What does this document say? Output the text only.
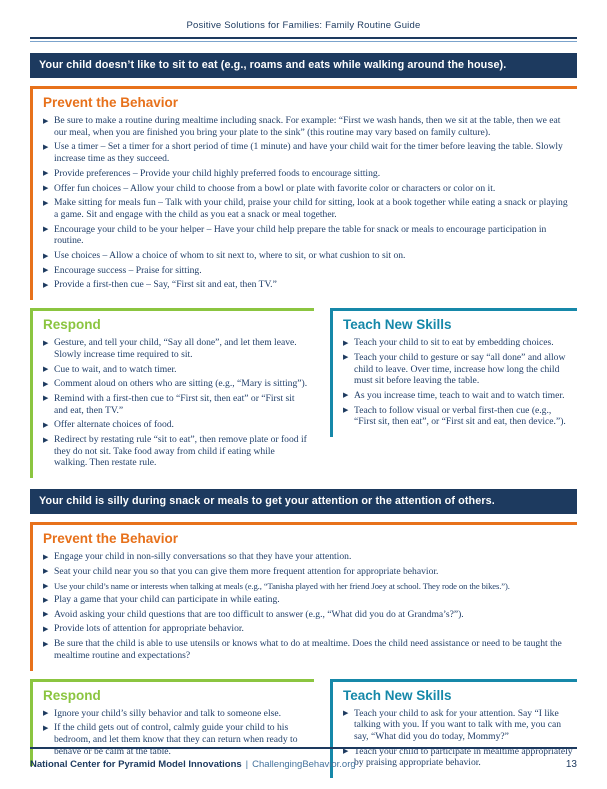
Positive Solutions for Families: Family Routine Guide
Your child doesn’t like to sit to eat (e.g., roams and eats while walking around the house).
Prevent the Behavior
▶ Be sure to make a routine during mealtime including snack. For example: “First we wash hands, then we sit at the table, then we eat our meal, when you are finished you bring your plate to the sink” (this routine may vary based on family culture).
▶ Use a timer – Set a timer for a short period of time (1 minute) and have your child wait for the timer before leaving the table. Slowly increase time as they succeed.
▶ Provide preferences – Provide your child highly preferred foods to encourage sitting.
▶ Offer fun choices – Allow your child to choose from a bowl or plate with favorite color or characters or color on it.
▶ Make sitting for meals fun – Talk with your child, praise your child for sitting, look at a book together while eating a snack or playing a game. Sit and engage with the child as you eat a snack or meal together.
▶ Encourage your child to be your helper – Have your child help prepare the table for snack or meals to encourage participation in routine.
▶ Use choices – Allow a choice of whom to sit next to, where to sit, or what cushion to sit on.
▶ Encourage success – Praise for sitting.
▶ Provide a first-then cue – Say, “First sit and eat, then TV.”
Respond
▶ Gesture, and tell your child, “Say all done”, and let them leave. Slowly increase time required to sit.
▶ Cue to wait, and to watch timer.
▶ Comment aloud on others who are sitting (e.g., “Mary is sitting”).
▶ Remind with a first-then cue to “First sit, then eat” or “First sit and eat, then TV.”
▶ Offer alternate choices of food.
▶ Redirect by restating rule “sit to eat”, then remove plate or food if they do not sit. Take food away from child if eating while walking. Then restate rule.
Teach New Skills
▶ Teach your child to sit to eat by embedding choices.
▶ Teach your child to gesture or say “all done” and allow child to leave. Over time, increase how long the child must sit before leaving the table.
▶ As you increase time, teach to wait and to watch timer.
▶ Teach to follow visual or verbal first-then cue (e.g., “First sit, then eat”, or “First sit and eat, then device.”).
Your child is silly during snack or meals to get your attention or the attention of others.
Prevent the Behavior
▶ Engage your child in non-silly conversations so that they have your attention.
▶ Seat your child near you so that you can give them more frequent attention for appropriate behavior.
▶ Use your child’s name or interests when talking at meals (e.g., “Tanisha played with her friend Joey at school. They rode on the bikes.”).
▶ Play a game that your child can participate in while eating.
▶ Avoid asking your child questions that are too difficult to answer (e.g., “What did you do at Grandma’s?”).
▶ Provide lots of attention for appropriate behavior.
▶ Be sure that the child is able to use utensils or knows what to do at mealtime. Does the child need assistance or need to be taught the mealtime routine and expectations?
Respond
▶ Ignore your child’s silly behavior and talk to someone else.
▶ If the child gets out of control, calmly guide your child to his bedroom, and let them know that they can return when ready to behave or be calm at the table.
Teach New Skills
▶ Teach your child to ask for your attention. Say “I like talking with you. If you want to talk with me, you can say, “What did you do today, Mommy?”
▶ Teach your child to participate in mealtime appropriately by praising appropriate behavior.
National Center for Pyramid Model Innovations | ChallengingBehavior.org	13
